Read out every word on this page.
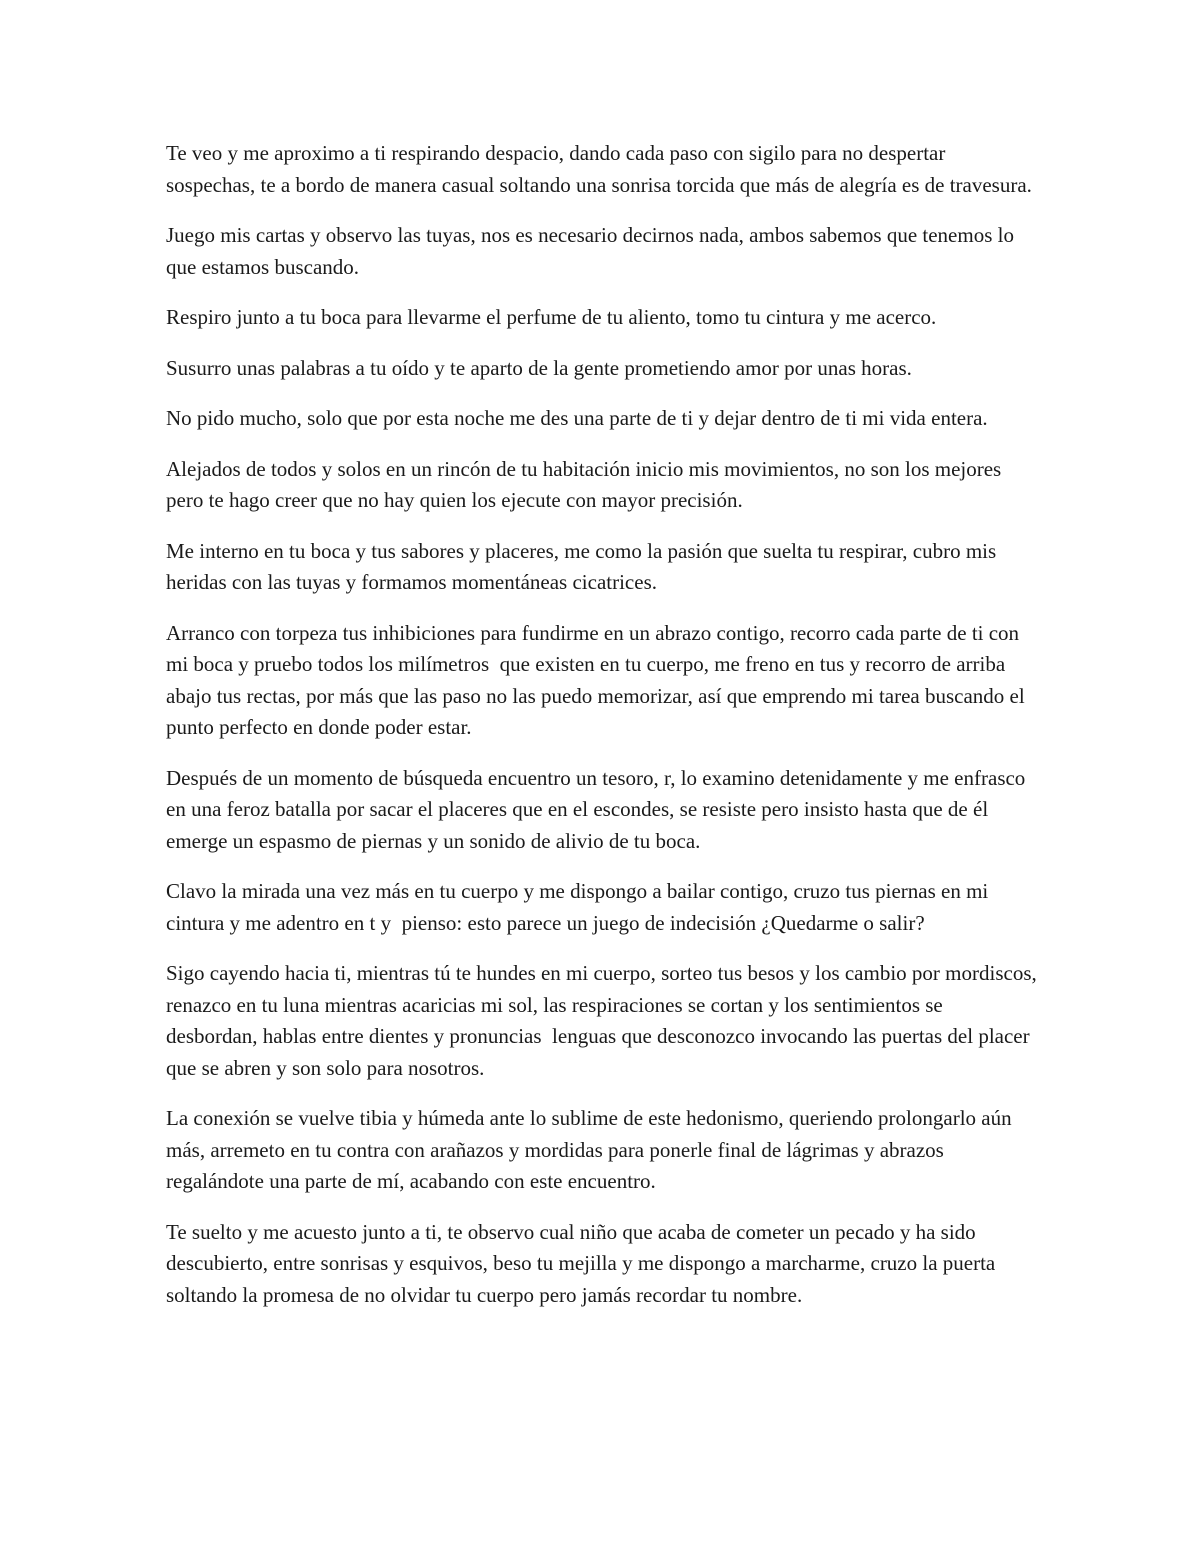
Te veo y me aproximo a ti respirando despacio, dando cada paso con sigilo para no despertar sospechas, te a bordo de manera casual soltando una sonrisa torcida que más de alegría es de travesura.

Juego mis cartas y observo las tuyas, nos es necesario decirnos nada, ambos sabemos que tenemos lo que estamos buscando.

Respiro junto a tu boca para llevarme el perfume de tu aliento, tomo tu cintura y me acerco.

Susurro unas palabras a tu oído y te aparto de la gente prometiendo amor por unas horas.

No pido mucho, solo que por esta noche me des una parte de ti y dejar dentro de ti mi vida entera.

Alejados de todos y solos en un rincón de tu habitación inicio mis movimientos, no son los mejores pero te hago creer que no hay quien los ejecute con mayor precisión.

Me interno en tu boca y tus sabores y placeres, me como la pasión que suelta tu respirar, cubro mis heridas con las tuyas y formamos momentáneas cicatrices.

Arranco con torpeza tus inhibiciones para fundirme en un abrazo contigo, recorro cada parte de ti con mi boca y pruebo todos los milímetros  que existen en tu cuerpo, me freno en tus y recorro de arriba abajo tus rectas, por más que las paso no las puedo memorizar, así que emprendo mi tarea buscando el punto perfecto en donde poder estar.

Después de un momento de búsqueda encuentro un tesoro, r, lo examino detenidamente y me enfrasco en una feroz batalla por sacar el placeres que en el escondes, se resiste pero insisto hasta que de él emerge un espasmo de piernas y un sonido de alivio de tu boca.

Clavo la mirada una vez más en tu cuerpo y me dispongo a bailar contigo, cruzo tus piernas en mi cintura y me adentro en t y  pienso: esto parece un juego de indecisión ¿Quedarme o salir?

Sigo cayendo hacia ti, mientras tú te hundes en mi cuerpo, sorteo tus besos y los cambio por mordiscos, renazco en tu luna mientras acaricias mi sol, las respiraciones se cortan y los sentimientos se desbordan, hablas entre dientes y pronuncias  lenguas que desconozco invocando las puertas del placer que se abren y son solo para nosotros.

La conexión se vuelve tibia y húmeda ante lo sublime de este hedonismo, queriendo prolongarlo aún más, arremeto en tu contra con arañazos y mordidas para ponerle final de lágrimas y abrazos regalándote una parte de mí, acabando con este encuentro.

Te suelto y me acuesto junto a ti, te observo cual niño que acaba de cometer un pecado y ha sido descubierto, entre sonrisas y esquivos, beso tu mejilla y me dispongo a marcharme, cruzo la puerta soltando la promesa de no olvidar tu cuerpo pero jamás recordar tu nombre.
